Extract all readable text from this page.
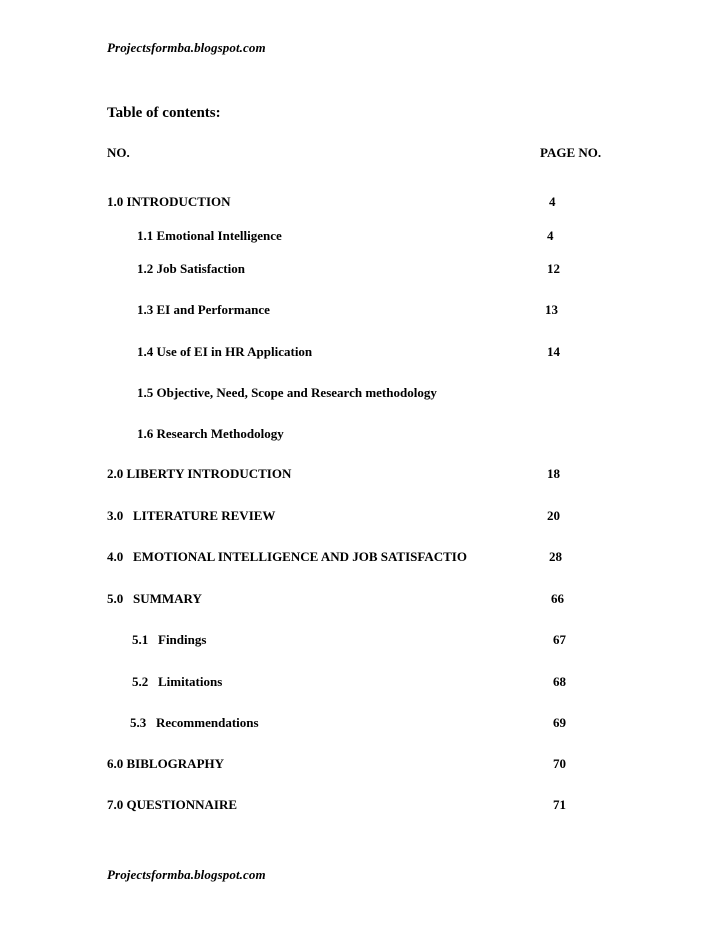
Projectsformba.blogspot.com
Table of contents:
NO.	PAGE NO.
1.0 INTRODUCTION	4
1.1 Emotional Intelligence	4
1.2 Job Satisfaction	12
1.3 EI and Performance	13
1.4 Use of EI in HR Application	14
1.5 Objective, Need, Scope and Research methodology
1.6 Research Methodology
2.0 LIBERTY INTRODUCTION	18
3.0   LITERATURE REVIEW	20
4.0   EMOTIONAL INTELLIGENCE AND JOB SATISFACTIO	28
5.0   SUMMARY	66
5.1   Findings	67
5.2   Limitations	68
5.3   Recommendations	69
6.0 BIBLOGRAPHY	70
7.0 QUESTIONNAIRE	71
Projectsformba.blogspot.com
